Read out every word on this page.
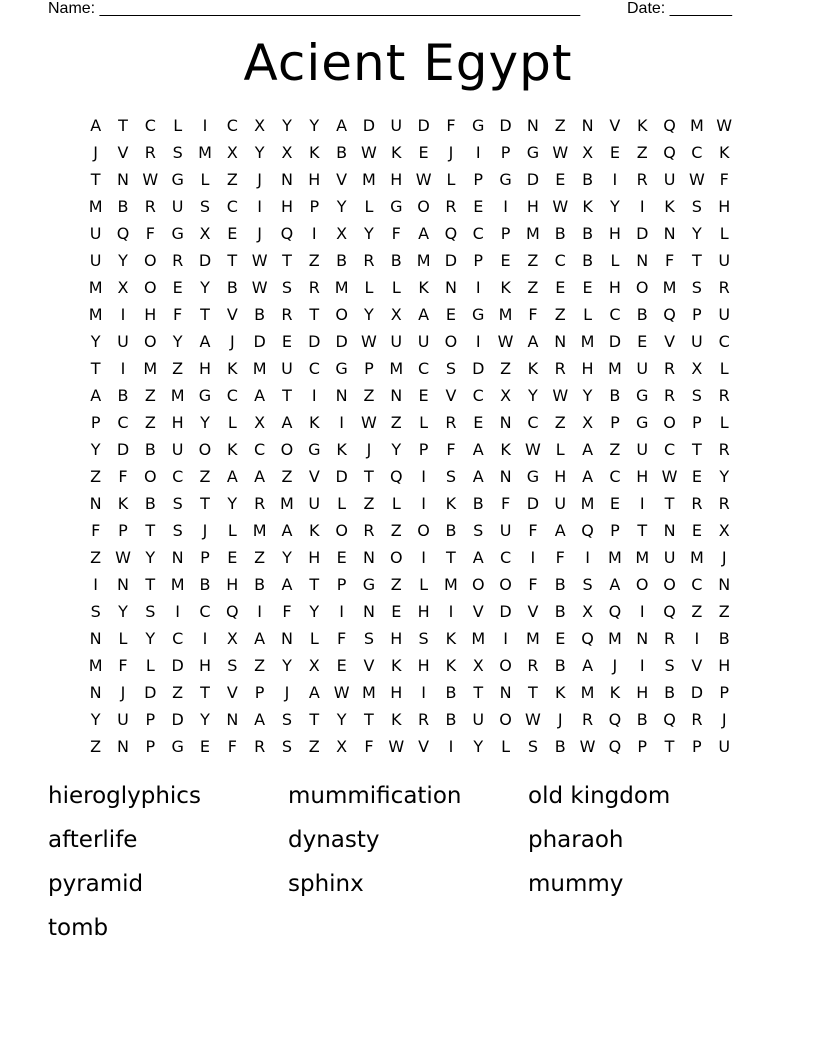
Name: ______________________________________________________	Date: _______
Acient Egypt
A	T	C	L	I	C	X	Y	Y	A D U D	F	G D N Z N V	K Q M W
J	V	R	S M X	Y	X	K	B W K	E	J	I	P	G W X	E	Z Q C	K
T	N W G	L	Z	J	N H V M H W L	P	G D	E	B	I	R U W F
M B	R U	S	C	I	H	P	Y	L	G O R	E	I	H W K	Y	I	K	S	H
U Q	F	G X	E	J	Q	I	X	Y	F	A Q C	P M B	B H D N	Y	L
U	Y	O R D	T W T	Z	B	R	B M D	P	E	Z	C	B	L	N	F	T	U
M X O E	Y	B W S	R M L	L	K	N	I	K	Z	E	E	H O M S	R
M	I	H	F	T	V	B	R	T	O	Y	X	A	E	G M F	Z	L	C	B Q	P	U
Y	U O	Y	A	J	D	E	D D W U U O	I	W A N M D	E	V U C
T	I	M Z H	K M U C G	P M C	S	D Z	K	R H M U R	X	L
A	B	Z M G C	A	T	I	N Z N	E	V	C	X	Y W Y	B G R	S	R
P	C	Z H	Y	L	X	A	K	I	W Z	L	R	E	N C	Z	X	P	G O	P	L
Y	D B U O K	C O G K	J	Y	P	F	A	K W L	A	Z U C	T	R
Z	F	O C	Z	A	A	Z	V D	T	Q	I	S	A N G H A	C H W E	Y
N	K	B	S	T	Y	R M U	L	Z	L	I	K	B	F	D U M E	I	T	R	R
F	P	T	S	J	L M A	K O R	Z O B	S	U	F	A Q	P	T	N	E	X
Z W Y	N	P	E	Z	Y	H	E	N O	I	T	A	C	I	F	I	M M U M	J
I	N	T M B H B	A	T	P	G Z	L M O O	F	B	S	A O O C N
S	Y	S	I	C Q	I	F	Y	I	N	E	H	I	V D V	B	X Q	I	Q Z	Z
N	L	Y	C	I	X	A N	L	F	S	H	S	K M	I	M E Q M N R	I	B
M F	L	D H	S	Z	Y	X	E	V	K	H	K	X O R	B	A	J	I	S	V H
N	J	D Z	T	V	P	J	A W M H	I	B	T	N	T	K M K	H B D	P
Y	U	P	D	Y	N A	S	T	Y	T	K	R	B U O W	J	R Q B Q R	J
Z N	P	G	E	F	R	S	Z	X	F W V	I	Y	L	S	B W Q	P	T	P	U
hieroglyphics	mummification	old kingdom
afterlife	dynasty	pharaoh
pyramid	sphinx	mummy
tomb
